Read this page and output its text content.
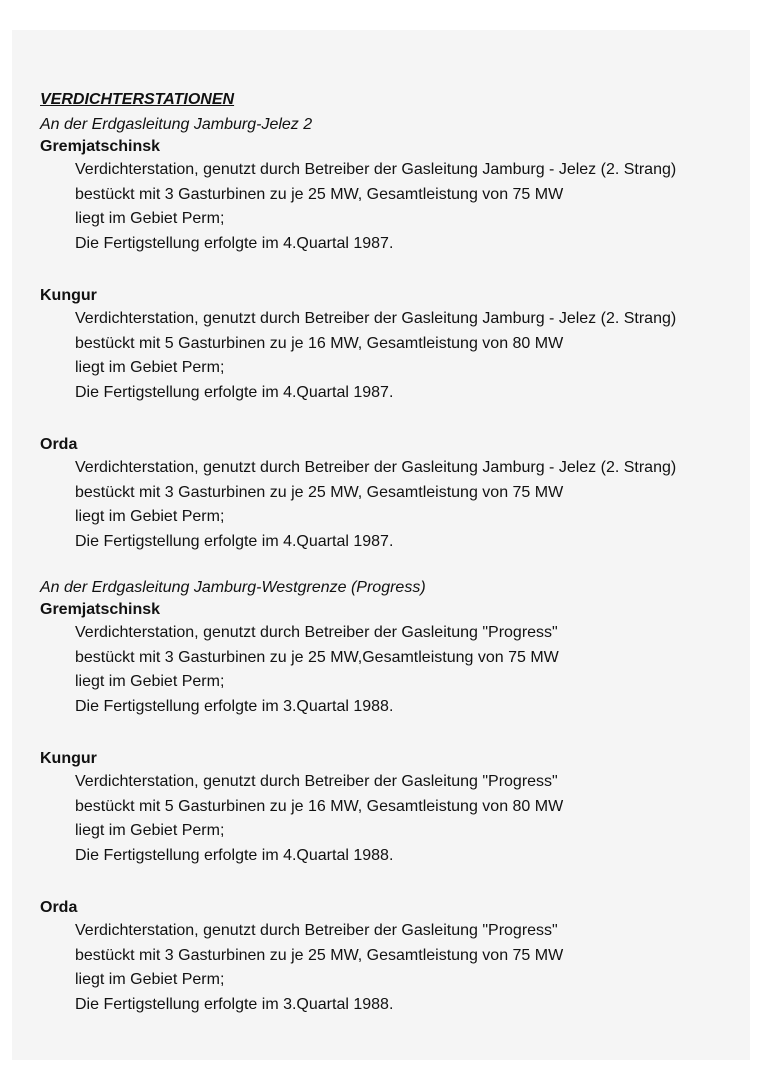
VERDICHTERSTATIONEN
An der Erdgasleitung Jamburg-Jelez 2
Gremjatschinsk
Verdichterstation, genutzt durch Betreiber der Gasleitung Jamburg - Jelez (2. Strang)
bestückt mit 3 Gasturbinen zu je 25 MW, Gesamtleistung von 75 MW
liegt im Gebiet Perm;
Die Fertigstellung erfolgte im 4.Quartal 1987.
Kungur
Verdichterstation, genutzt durch Betreiber der Gasleitung Jamburg - Jelez (2. Strang)
bestückt mit 5 Gasturbinen zu je 16 MW, Gesamtleistung von 80 MW
liegt im Gebiet Perm;
Die Fertigstellung erfolgte im 4.Quartal 1987.
Orda
Verdichterstation, genutzt durch Betreiber der Gasleitung Jamburg - Jelez (2. Strang)
bestückt mit 3 Gasturbinen zu je 25 MW, Gesamtleistung von 75 MW
liegt im Gebiet Perm;
Die Fertigstellung erfolgte im 4.Quartal 1987.
An der Erdgasleitung Jamburg-Westgrenze (Progress)
Gremjatschinsk
Verdichterstation, genutzt durch Betreiber der Gasleitung "Progress"
bestückt mit 3 Gasturbinen zu je 25 MW,Gesamtleistung von 75 MW
liegt im Gebiet Perm;
Die Fertigstellung erfolgte im 3.Quartal 1988.
Kungur
Verdichterstation, genutzt durch Betreiber der Gasleitung "Progress"
bestückt mit 5 Gasturbinen zu je 16 MW, Gesamtleistung von 80 MW
liegt im Gebiet Perm;
Die Fertigstellung erfolgte im 4.Quartal 1988.
Orda
Verdichterstation, genutzt durch Betreiber der Gasleitung "Progress"
bestückt mit 3 Gasturbinen zu je 25 MW, Gesamtleistung von 75 MW
liegt im Gebiet Perm;
Die Fertigstellung erfolgte im 3.Quartal 1988.
